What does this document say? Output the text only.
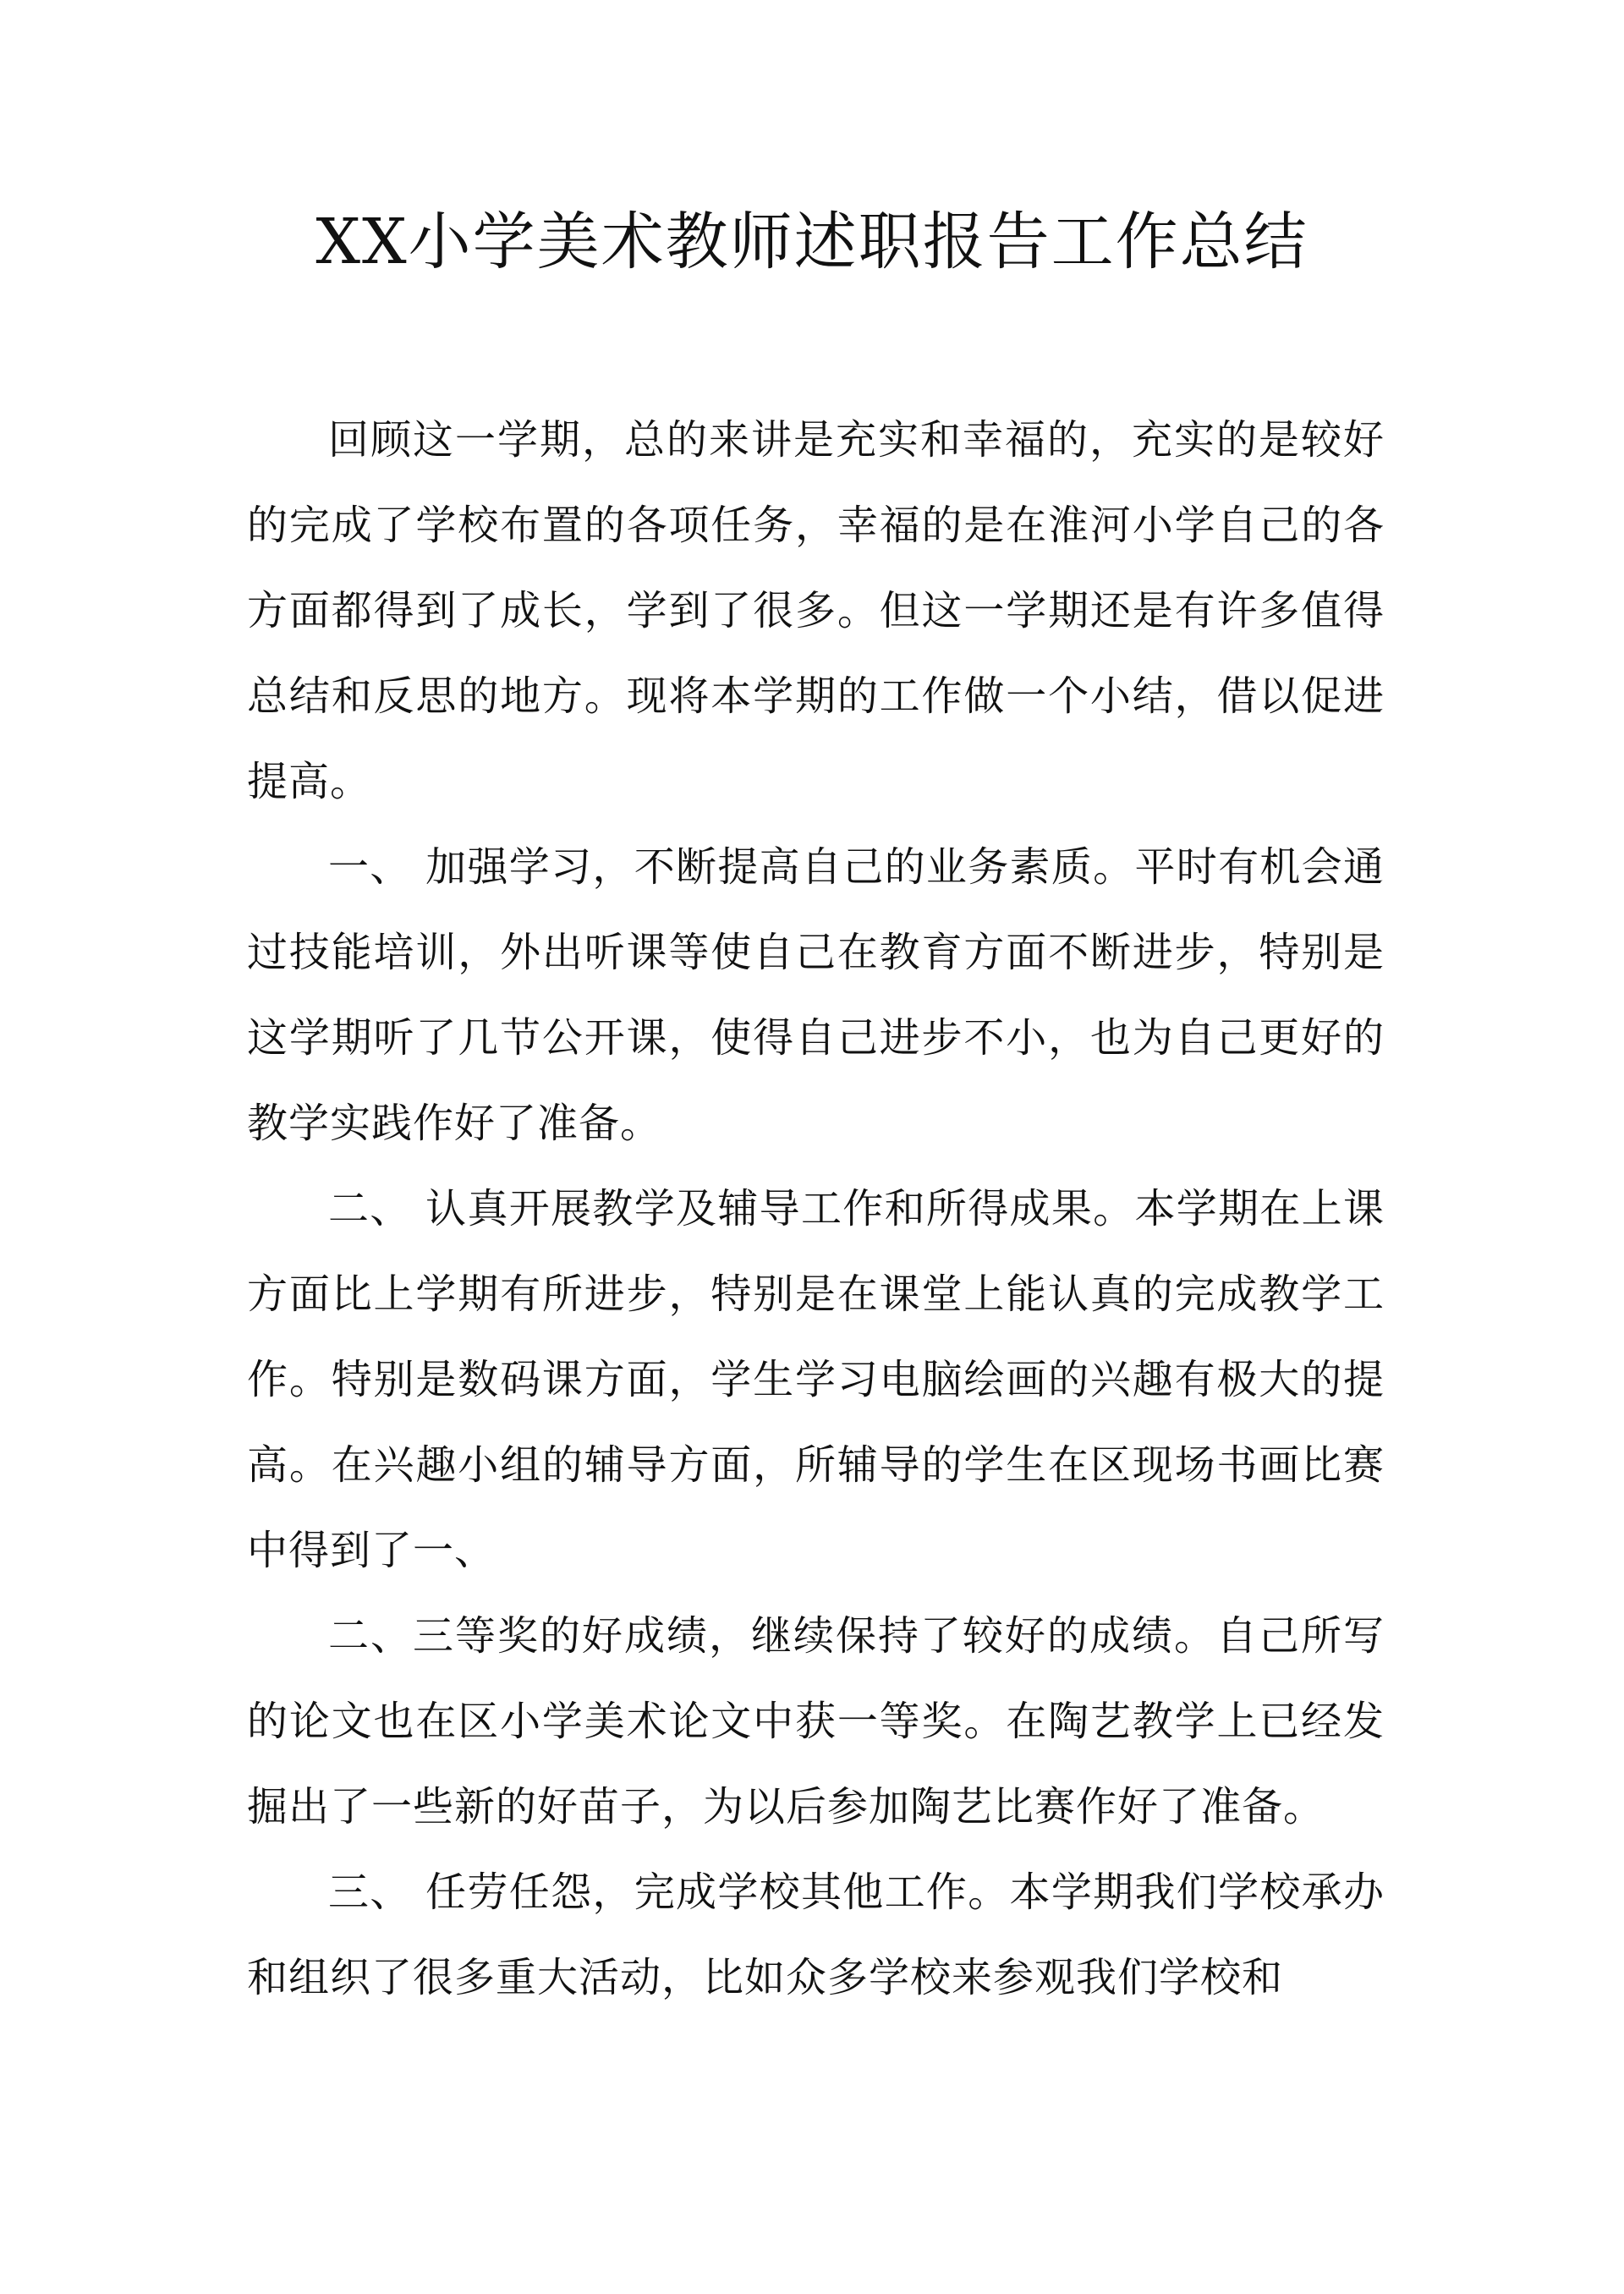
XX小学美术教师述职报告工作总结

回顾这一学期，总的来讲是充实和幸福的，充实的是较好的完成了学校布置的各项任务，幸福的是在淮河小学自己的各方面都得到了成长，学到了很多。但这一学期还是有许多值得总结和反思的地方。现将本学期的工作做一个小结，借以促进提高。

一、 加强学习，不断提高自己的业务素质。平时有机会通过技能培训，外出听课等使自己在教育方面不断进步，特别是这学期听了几节公开课，使得自己进步不小，也为自己更好的教学实践作好了准备。

二、 认真开展教学及辅导工作和所得成果。本学期在上课方面比上学期有所进步，特别是在课堂上能认真的完成教学工作。特别是数码课方面，学生学习电脑绘画的兴趣有极大的提高。在兴趣小组的辅导方面，所辅导的学生在区现场书画比赛中得到了一、

二、三等奖的好成绩，继续保持了较好的成绩。自己所写的论文也在区小学美术论文中获一等奖。在陶艺教学上已经发掘出了一些新的好苗子，为以后参加陶艺比赛作好了准备。

三、 任劳任怨，完成学校其他工作。本学期我们学校承办和组织了很多重大活动，比如众多学校来参观我们学校和
